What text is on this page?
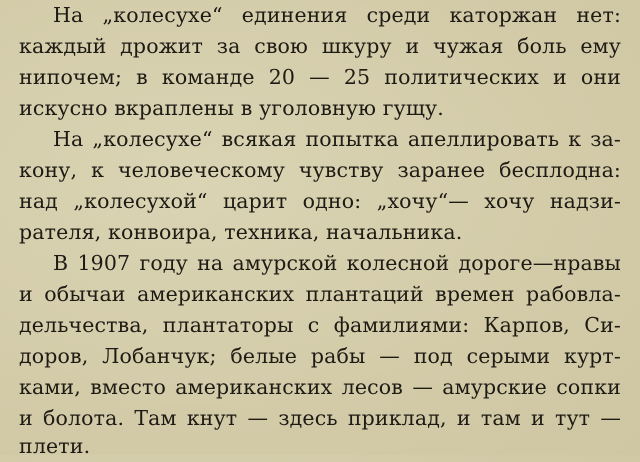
На „колесухе“ единения среди каторжан нет:
каждый дрожит за свою шкуру и чужая боль ему
нипочем; в команде 20 — 25 политических и они
искусно вкраплены в уголовную гущу.
На „колесухе“ всякая попытка апеллировать к за-
кону, к человеческому чувству заранее бесплодна:
над „колесухой“ царит одно: „хочу“— хочу надзи-
рателя, конвоира, техника, начальника.
В 1907 году на амурской колесной дороге—нравы
и обычаи американских плантаций времен рабовла-
дельчества, плантаторы с фамилиями: Карпов, Си-
доров, Лобанчук; белые рабы — под серыми курт-
ками, вместо американских лесов — амурские сопки
и болота. Там кнут — здесь приклад, и там и тут —
плети.
